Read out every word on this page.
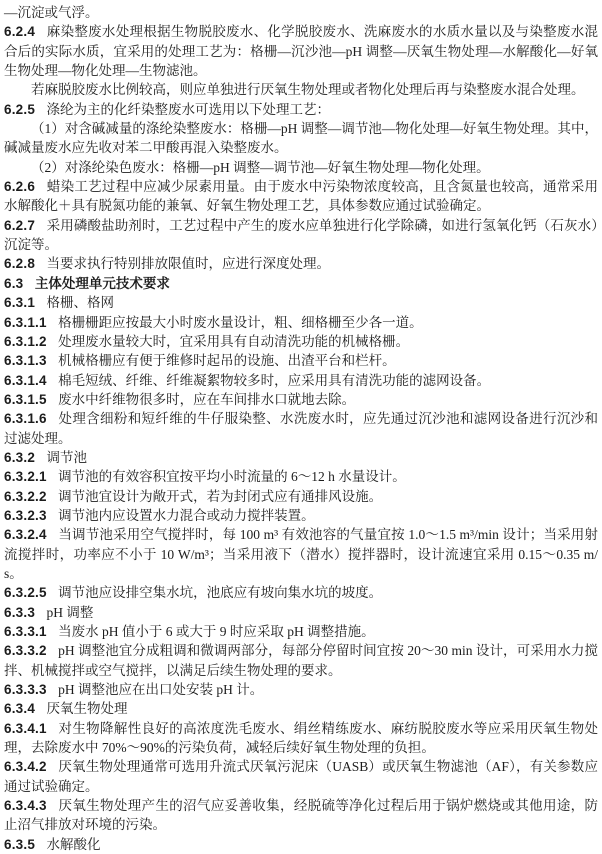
—沉淀或气浮。

6.2.4 麻染整废水处理根据生物脱胶废水、化学脱胶废水、洗麻废水的水质水量以及与染整废水混合后的实际水质，宜采用的处理工艺为：格栅—沉沙池—pH 调整—厌氧生物处理—水解酸化—好氧生物处理—物化处理—生物滤池。

若麻脱胶废水比例较高，则应单独进行厌氧生物处理或者物化处理后再与染整废水混合处理。

6.2.5 涤纶为主的化纤染整废水可选用以下处理工艺：

（1）对含碱减量的涤纶染整废水：格栅—pH 调整—调节池—物化处理—好氧生物处理。其中，碱减量废水应先收对苯二甲酸再混入染整废水。

（2）对涤纶染色废水：格栅—pH 调整—调节池—好氧生物处理—物化处理。

6.2.6 蜡染工艺过程中应减少尿素用量。由于废水中污染物浓度较高，且含氮量也较高，通常采用水解酸化＋具有脱氮功能的兼氧、好氧生物处理工艺，具体参数应通过试验确定。

6.2.7 采用磷酸盐助剂时，工艺过程中产生的废水应单独进行化学除磷，如进行氢氧化钙（石灰水）沉淀等。

6.2.8 当要求执行特别排放限值时，应进行深度处理。

6.3 主体处理单元技术要求

6.3.1 格栅、格网

6.3.1.1 格栅栅距应按最大小时废水量设计，粗、细格栅至少各一道。

6.3.1.2 处理废水量较大时，宜采用具有自动清洗功能的机械格栅。

6.3.1.3 机械格栅应有便于维修时起吊的设施、出渣平台和栏杆。

6.3.1.4 棉毛短绒、纤维、纤维凝絮物较多时，应采用具有清洗功能的滤网设备。

6.3.1.5 废水中纤维物很多时，应在车间排水口就地去除。

6.3.1.6 处理含细粉和短纤维的牛仔服染整、水洗废水时，应先通过沉沙池和滤网设备进行沉沙和过滤处理。

6.3.2 调节池

6.3.2.1 调节池的有效容积宜按平均小时流量的 6～12 h 水量设计。

6.3.2.2 调节池宜设计为敞开式，若为封闭式应有通排风设施。

6.3.2.3 调节池内应设置水力混合或动力搅拌装置。

6.3.2.4 当调节池采用空气搅拌时，每 100 m³ 有效池容的气量宜按 1.0～1.5 m³/min 设计；当采用射流搅拌时，功率应不小于 10 W/m³；当采用液下（潜水）搅拌器时，设计流速宜采用 0.15～0.35 m/s。

6.3.2.5 调节池应设排空集水坑，池底应有坡向集水坑的坡度。

6.3.3 pH 调整

6.3.3.1 当废水 pH 值小于 6 或大于 9 时应采取 pH 调整措施。

6.3.3.2 pH 调整池宜分成粗调和微调两部分，每部分停留时间宜按 20～30 min 设计，可采用水力搅拌、机械搅拌或空气搅拌，以满足后续生物处理的要求。

6.3.3.3 pH 调整池应在出口处安装 pH 计。

6.3.4 厌氧生物处理

6.3.4.1 对生物降解性良好的高浓度洗毛废水、绢丝精练废水、麻纺脱胶废水等应采用厌氧生物处理，去除废水中 70%～90%的污染负荷，减轻后续好氧生物处理的负担。

6.3.4.2 厌氧生物处理通常可选用升流式厌氧污泥床（UASB）或厌氧生物滤池（AF），有关参数应通过试验确定。

6.3.4.3 厌氧生物处理产生的沼气应妥善收集，经脱硫等净化过程后用于锅炉燃烧或其他用途，防止沼气排放对环境的污染。

6.3.5 水解酸化
